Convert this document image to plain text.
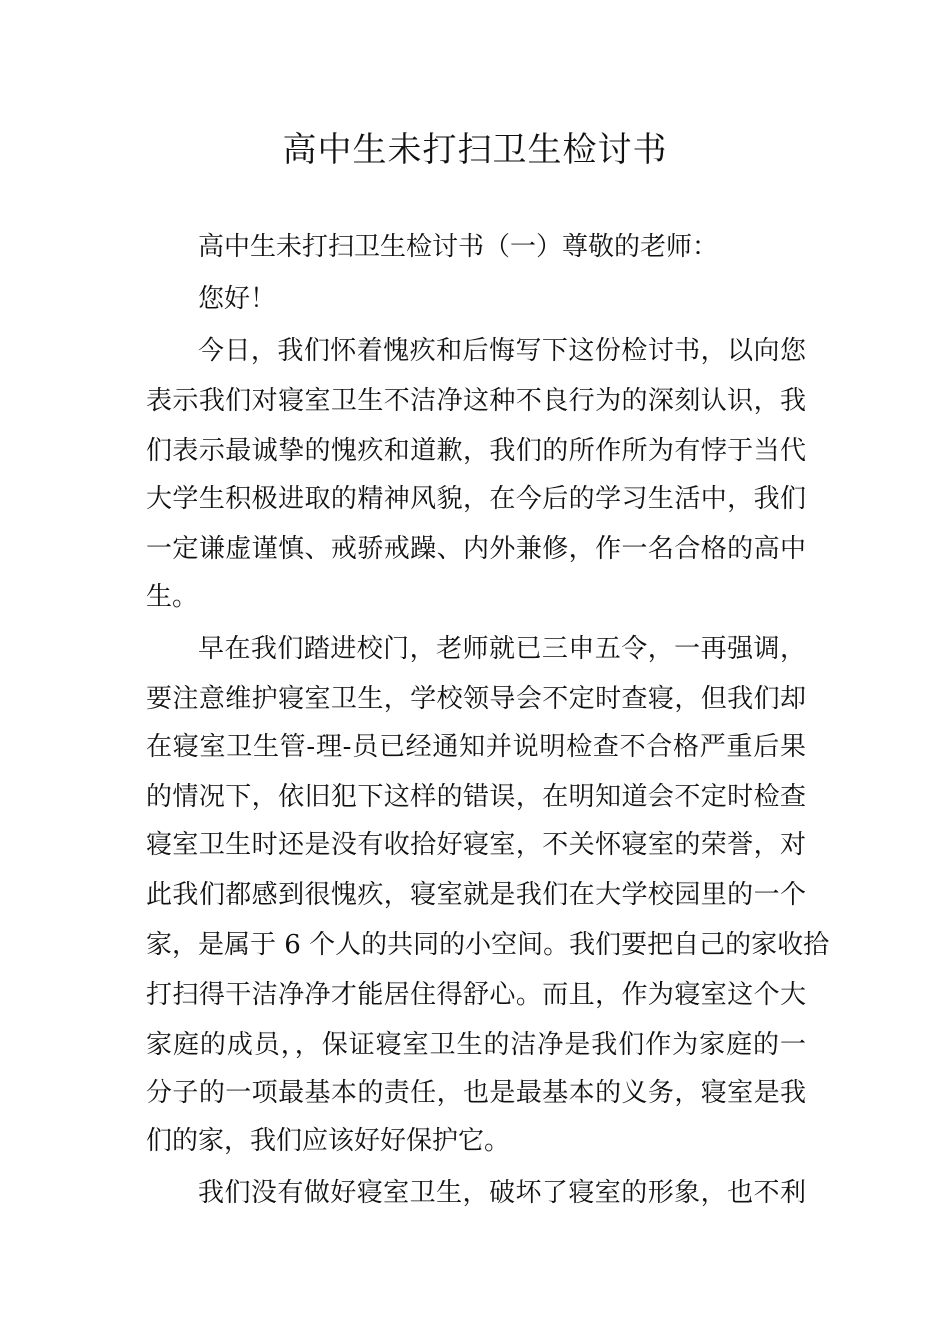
高中生未打扫卫生检讨书
高中生未打扫卫生检讨书（一）尊敬的老师：
您好！
今日，我们怀着愧疚和后悔写下这份检讨书，以向您
表示我们对寝室卫生不洁净这种不良行为的深刻认识，我
们表示最诚挚的愧疚和道歉，我们的所作所为有悖于当代
大学生积极进取的精神风貌，在今后的学习生活中，我们
一定谦虚谨慎、戒骄戒躁、内外兼修，作一名合格的高中
生。
早在我们踏进校门，老师就已三申五令，一再强调，
要注意维护寝室卫生，学校领导会不定时查寝，但我们却
在寝室卫生管-理-员已经通知并说明检查不合格严重后果
的情况下，依旧犯下这样的错误，在明知道会不定时检查
寝室卫生时还是没有收拾好寝室，不关怀寝室的荣誉，对
此我们都感到很愧疚，寝室就是我们在大学校园里的一个
家，是属于 6 个人的共同的小空间。我们要把自己的家收拾
打扫得干洁净净才能居住得舒心。而且，作为寝室这个大
家庭的成员，，保证寝室卫生的洁净是我们作为家庭的一
分子的一项最基本的责任，也是最基本的义务，寝室是我
们的家，我们应该好好保护它。
我们没有做好寝室卫生，破坏了寝室的形象，也不利
